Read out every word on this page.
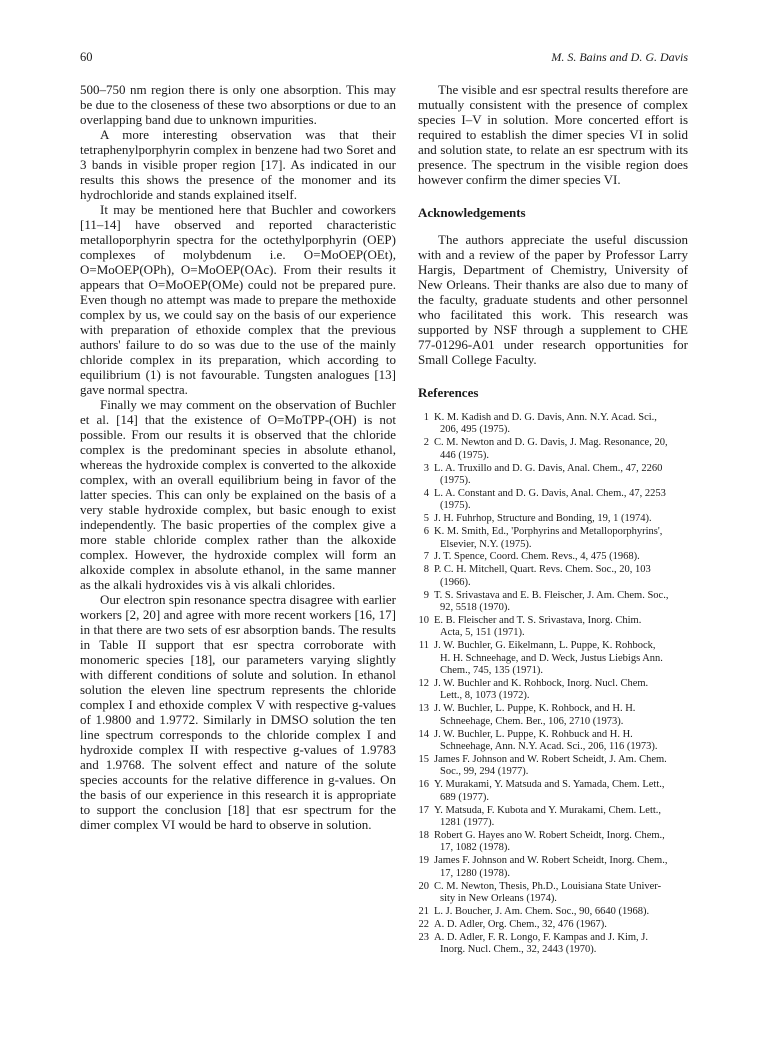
60	M. S. Bains and D. G. Davis

500–750 nm region there is only one absorption. This may be due to the closeness of these two absorptions or due to an overlapping band due to unknown impurities.

A more interesting observation was that their tetraphenylporphyrin complex in benzene had two Soret and 3 bands in visible proper region [17]. As indicated in our results this shows the presence of the monomer and its hydrochloride and stands explained itself.

It may be mentioned here that Buchler and coworkers [11–14] have observed and reported characteristic metalloporphyrin spectra for the octethylporphyrin (OEP) complexes of molybdenum i.e. O=MoOEP(OEt), O=MoOEP(OPh), O=MoOEP(OAc). From their results it appears that O=MoOEP(OMe) could not be prepared pure. Even though no attempt was made to prepare the methoxide complex by us, we could say on the basis of our experience with preparation of ethoxide complex that the previous authors' failure to do so was due to the use of the mainly chloride complex in its preparation, which according to equilibrium (1) is not favourable. Tungsten analogues [13] gave normal spectra.

Finally we may comment on the observation of Buchler et al. [14] that the existence of O=MoTPP-(OH) is not possible. From our results it is observed that the chloride complex is the predominant species in absolute ethanol, whereas the hydroxide complex is converted to the alkoxide complex, with an overall equilibrium being in favor of the latter species. This can only be explained on the basis of a very stable hydroxide complex, but basic enough to exist independently. The basic properties of the complex give a more stable chloride complex rather than the alkoxide complex. However, the hydroxide complex will form an alkoxide complex in absolute ethanol, in the same manner as the alkali hydroxides vis à vis alkali chlorides.

Our electron spin resonance spectra disagree with earlier workers [2, 20] and agree with more recent workers [16, 17] in that there are two sets of esr absorption bands. The results in Table II support that esr spectra corroborate with monomeric species [18], our parameters varying slightly with different conditions of solute and solution. In ethanol solution the eleven line spectrum represents the chloride complex I and ethoxide complex V with respective g-values of 1.9800 and 1.9772. Similarly in DMSO solution the ten line spectrum corresponds to the chloride complex I and hydroxide complex II with respective g-values of 1.9783 and 1.9768. The solvent effect and nature of the solute species accounts for the relative difference in g-values. On the basis of our experience in this research it is appropriate to support the conclusion [18] that esr spectrum for the dimer complex VI would be hard to observe in solution.

The visible and esr spectral results therefore are mutually consistent with the presence of complex species I–V in solution. More concerted effort is required to establish the dimer species VI in solid and solution state, to relate an esr spectrum with its presence. The spectrum in the visible region does however confirm the dimer species VI.

Acknowledgements

The authors appreciate the useful discussion with and a review of the paper by Professor Larry Hargis, Department of Chemistry, University of New Orleans. Their thanks are also due to many of the faculty, graduate students and other personnel who facilitated this work. This research was supported by NSF through a supplement to CHE 77-01296-A01 under research opportunities for Small College Faculty.

References
1 K. M. Kadish and D. G. Davis, Ann. N.Y. Acad. Sci.,
206, 495 (1975).
2 C. M. Newton and D. G. Davis, J. Mag. Resonance, 20,
446 (1975).
3 L. A. Truxillo and D. G. Davis, Anal. Chem., 47, 2260
(1975).
4 L. A. Constant and D. G. Davis, Anal. Chem., 47, 2253
(1975).
5 J. H. Fuhrhop, Structure and Bonding, 19, 1 (1974).
6 K. M. Smith, Ed., 'Porphyrins and Metalloporphyrins',
Elsevier, N.Y. (1975).
7 J. T. Spence, Coord. Chem. Revs., 4, 475 (1968).
8 P. C. H. Mitchell, Quart. Revs. Chem. Soc., 20, 103
(1966).
9 T. S. Srivastava and E. B. Fleischer, J. Am. Chem. Soc.,
92, 5518 (1970).
10 E. B. Fleischer and T. S. Srivastava, Inorg. Chim.
Acta, 5, 151 (1971).
11 J. W. Buchler, G. Eikelmann, L. Puppe, K. Rohbock,
H. H. Schneehage, and D. Weck, Justus Liebigs Ann. Chem., 745, 135 (1971).
12 J. W. Buchler and K. Rohbock, Inorg. Nucl. Chem.
Lett., 8, 1073 (1972).
13 J. W. Buchler, L. Puppe, K. Rohbock, and H. H.
Schneehage, Chem. Ber., 106, 2710 (1973).
14 J. W. Buchler, L. Puppe, K. Rohbuck and H. H.
Schneehage, Ann. N.Y. Acad. Sci., 206, 116 (1973).
15 James F. Johnson and W. Robert Scheidt, J. Am. Chem.
Soc., 99, 294 (1977).
16 Y. Murakami, Y. Matsuda and S. Yamada, Chem. Lett.,
689 (1977).
17 Y. Matsuda, F. Kubota and Y. Murakami, Chem. Lett.,
1281 (1977).
18 Robert G. Hayes ano W. Robert Scheidt, Inorg. Chem.,
17, 1082 (1978).
19 James F. Johnson and W. Robert Scheidt, Inorg. Chem.,
17, 1280 (1978).
20 C. M. Newton, Thesis, Ph.D., Louisiana State Univer-
sity in New Orleans (1974).
21 L. J. Boucher, J. Am. Chem. Soc., 90, 6640 (1968).
22 A. D. Adler, Org. Chem., 32, 476 (1967).
23 A. D. Adler, F. R. Longo, F. Kampas and J. Kim, J.
Inorg. Nucl. Chem., 32, 2443 (1970).
